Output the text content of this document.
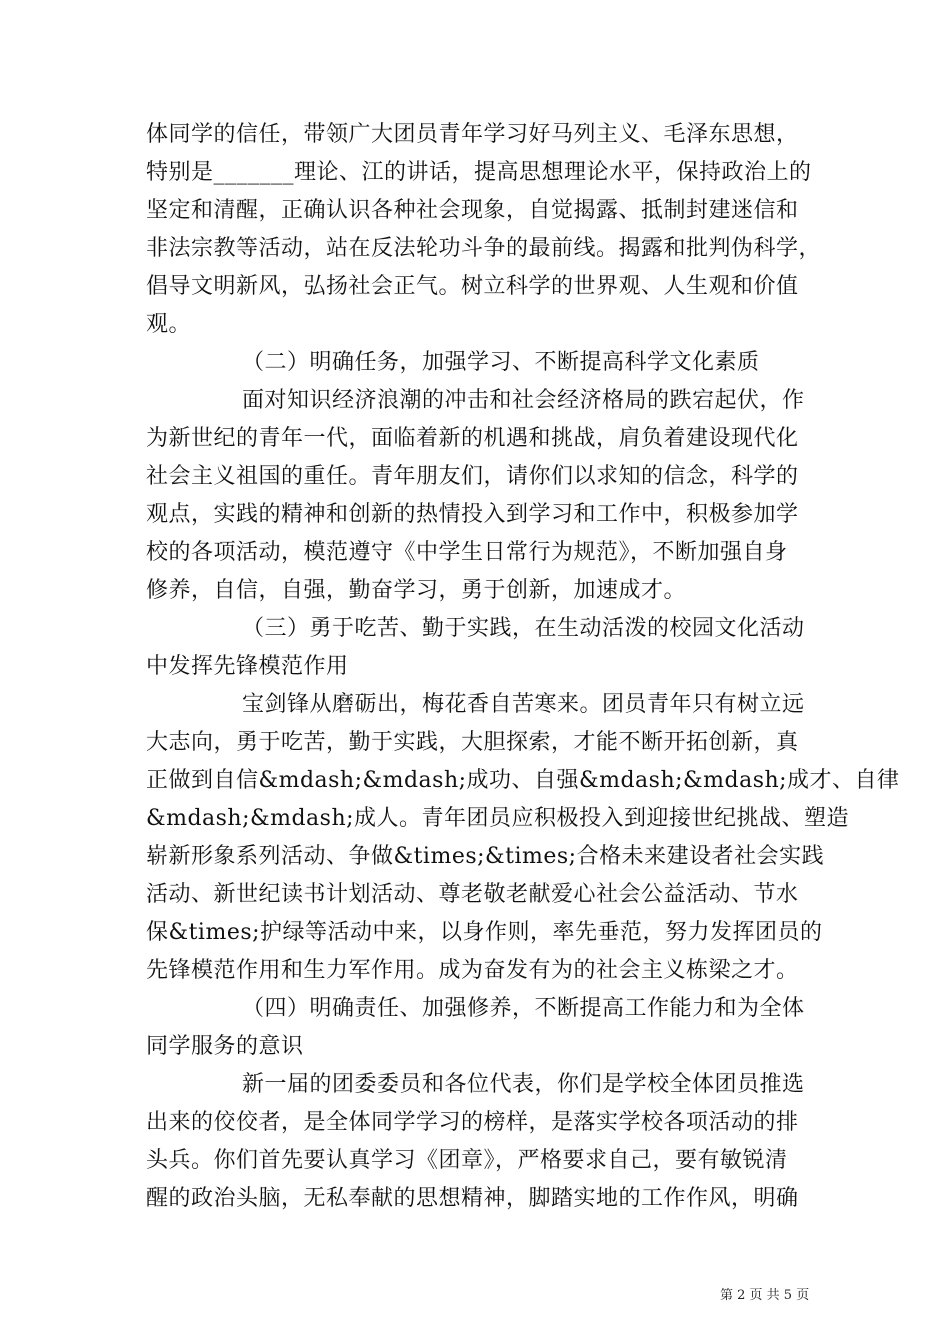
体同学的信任，带领广大团员青年学习好马列主义、毛泽东思想，
特别是_______理论、江的讲话，提高思想理论水平，保持政治上的
坚定和清醒，正确认识各种社会现象，自觉揭露、抵制封建迷信和
非法宗教等活动，站在反法轮功斗争的最前线。揭露和批判伪科学，
倡导文明新风，弘扬社会正气。树立科学的世界观、人生观和价值
观。
（二）明确任务，加强学习、不断提高科学文化素质
面对知识经济浪潮的冲击和社会经济格局的跌宕起伏，作
为新世纪的青年一代，面临着新的机遇和挑战，肩负着建设现代化
社会主义祖国的重任。青年朋友们，请你们以求知的信念，科学的
观点，实践的精神和创新的热情投入到学习和工作中，积极参加学
校的各项活动，模范遵守《中学生日常行为规范》，不断加强自身
修养，自信，自强，勤奋学习，勇于创新，加速成才。
（三）勇于吃苦、勤于实践，在生动活泼的校园文化活动
中发挥先锋模范作用
宝剑锋从磨砺出，梅花香自苦寒来。团员青年只有树立远
大志向，勇于吃苦，勤于实践，大胆探索，才能不断开拓创新，真
正做到自信&mdash;&mdash;成功、自强&mdash;&mdash;成才、自律
&mdash;&mdash;成人。青年团员应积极投入到迎接世纪挑战、塑造
崭新形象系列活动、争做&times;&times;合格未来建设者社会实践
活动、新世纪读书计划活动、尊老敬老献爱心社会公益活动、节水
保&times;护绿等活动中来，以身作则，率先垂范，努力发挥团员的
先锋模范作用和生力军作用。成为奋发有为的社会主义栋梁之才。
（四）明确责任、加强修养，不断提高工作能力和为全体
同学服务的意识
新一届的团委委员和各位代表，你们是学校全体团员推选
出来的佼佼者，是全体同学学习的榜样，是落实学校各项活动的排
头兵。你们首先要认真学习《团章》，严格要求自己，要有敏锐清
醒的政治头脑，无私奉献的思想精神，脚踏实地的工作作风，明确
第 2 页 共 5 页
